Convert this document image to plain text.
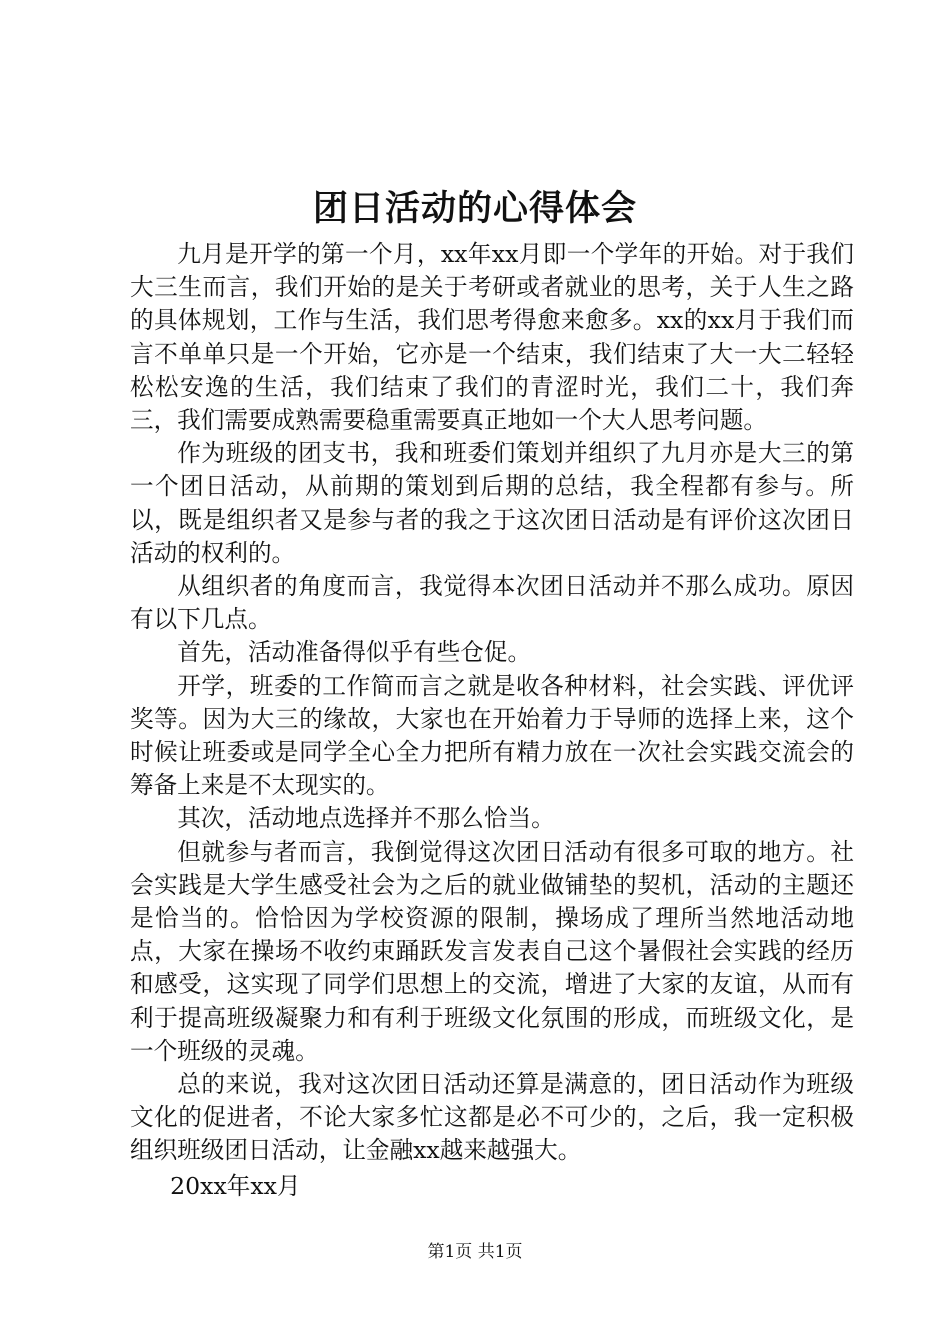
团日活动的心得体会

九月是开学的第一个月，xx年xx月即一个学年的开始。对于我们大三生而言，我们开始的是关于考研或者就业的思考，关于人生之路的具体规划，工作与生活，我们思考得愈来愈多。xx的xx月于我们而言不单单只是一个开始，它亦是一个结束，我们结束了大一大二轻轻松松安逸的生活，我们结束了我们的青涩时光，我们二十，我们奔三，我们需要成熟需要稳重需要真正地如一个大人思考问题。

作为班级的团支书，我和班委们策划并组织了九月亦是大三的第一个团日活动，从前期的策划到后期的总结，我全程都有参与。所以，既是组织者又是参与者的我之于这次团日活动是有评价这次团日活动的权利的。

从组织者的角度而言，我觉得本次团日活动并不那么成功。原因有以下几点。

首先，活动准备得似乎有些仓促。

开学，班委的工作简而言之就是收各种材料，社会实践、评优评奖等。因为大三的缘故，大家也在开始着力于导师的选择上来，这个时候让班委或是同学全心全力把所有精力放在一次社会实践交流会的筹备上来是不太现实的。

其次，活动地点选择并不那么恰当。

但就参与者而言，我倒觉得这次团日活动有很多可取的地方。社会实践是大学生感受社会为之后的就业做铺垫的契机，活动的主题还是恰当的。恰恰因为学校资源的限制，操场成了理所当然地活动地点，大家在操场不收约束踊跃发言发表自己这个暑假社会实践的经历和感受，这实现了同学们思想上的交流，增进了大家的友谊，从而有利于提高班级凝聚力和有利于班级文化氛围的形成，而班级文化，是一个班级的灵魂。

总的来说，我对这次团日活动还算是满意的，团日活动作为班级文化的促进者，不论大家多忙这都是必不可少的，之后，我一定积极组织班级团日活动，让金融xx越来越强大。

20xx年xx月

第1页 共1页
